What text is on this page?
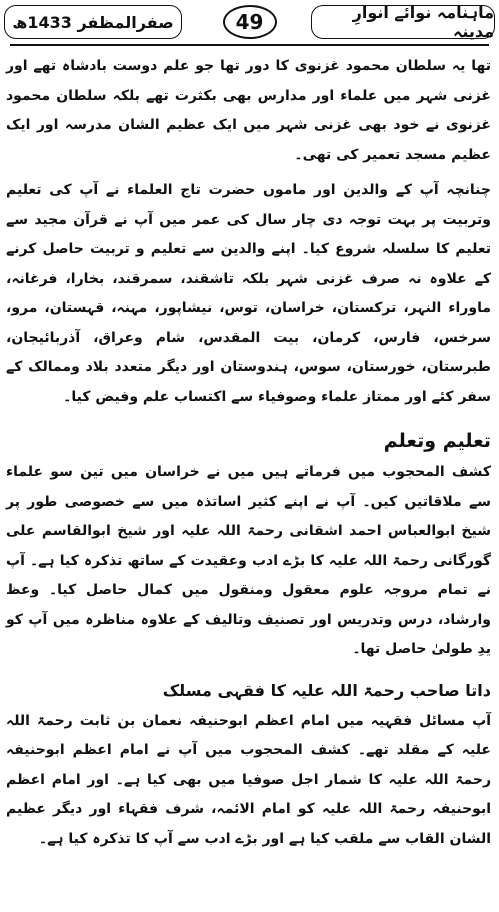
ماہنامہ نوائے انوارِ مدینہ
49
صفرالمظفر 1433ھ

تھا یہ سلطان محمود غزنوی کا دور تھا جو علم دوست بادشاہ تھے اور غزنی شہر میں علماء اور مدارس بھی بکثرت تھے بلکہ سلطان محمود غزنوی نے خود بھی غزنی شہر میں ایک عظیم الشان مدرسہ اور ایک عظیم مسجد تعمیر کی تھی۔

چنانچہ آپ کے والدین اور ماموں حضرت تاج العلماء نے آپ کی تعلیم وتربیت پر بہت توجہ دی چار سال کی عمر میں آپ نے قرآن مجید سے تعلیم کا سلسلہ شروع کیا۔ اپنے والدین سے تعلیم و تربیت حاصل کرنے کے علاوہ نہ صرف غزنی شہر بلکہ تاشقند، سمرقند، بخارا، فرغانہ، ماوراء النہر، ترکستان، خراسان، توس، نیشاپور، مہنہ، قہستان، مرو، سرخس، فارس، کرمان، بیت المقدس، شام وعراق، آذربائیجان، طبرستان، خورستان، سوس، ہندوستان اور دیگر متعدد بلاد وممالک کے سفر کئے اور ممتاز علماء وصوفیاء سے اکتساب علم وفیض کیا۔

تعلیم وتعلم

کشف المحجوب میں فرماتے ہیں میں نے خراسان میں تین سو علماء سے ملاقاتیں کیں۔ آپ نے اپنے کثیر اساتذہ میں سے خصوصی طور پر شیخ ابوالعباس احمد اشقانی رحمۃ اللہ علیہ اور شیخ ابوالقاسم علی گورگانی رحمۃ اللہ علیہ کا بڑے ادب وعقیدت کے ساتھ تذکرہ کیا ہے۔ آپ نے تمام مروجہ علوم معقول ومنقول میں کمال حاصل کیا۔ وعظ وارشاد، درس وتدریس اور تصنیف وتالیف کے علاوہ مناظرہ میں آپ کو یدِ طولیٰ حاصل تھا۔

داتا صاحب رحمۃ اللہ علیہ کا فقہی مسلک

آپ مسائل فقہیہ میں امام اعظم ابوحنیفہ نعمان بن ثابت رحمۃ اللہ علیہ کے مقلد تھے۔ کشف المحجوب میں آپ نے امام اعظم ابوحنیفہ رحمۃ اللہ علیہ کا شمار اجل صوفیا میں بھی کیا ہے۔ اور امام اعظم ابوحنیفہ رحمۃ اللہ علیہ کو امام الائمہ، شرف فقہاء اور دیگر عظیم الشان القاب سے ملقب کیا ہے اور بڑے ادب سے آپ کا تذکرہ کیا ہے۔
